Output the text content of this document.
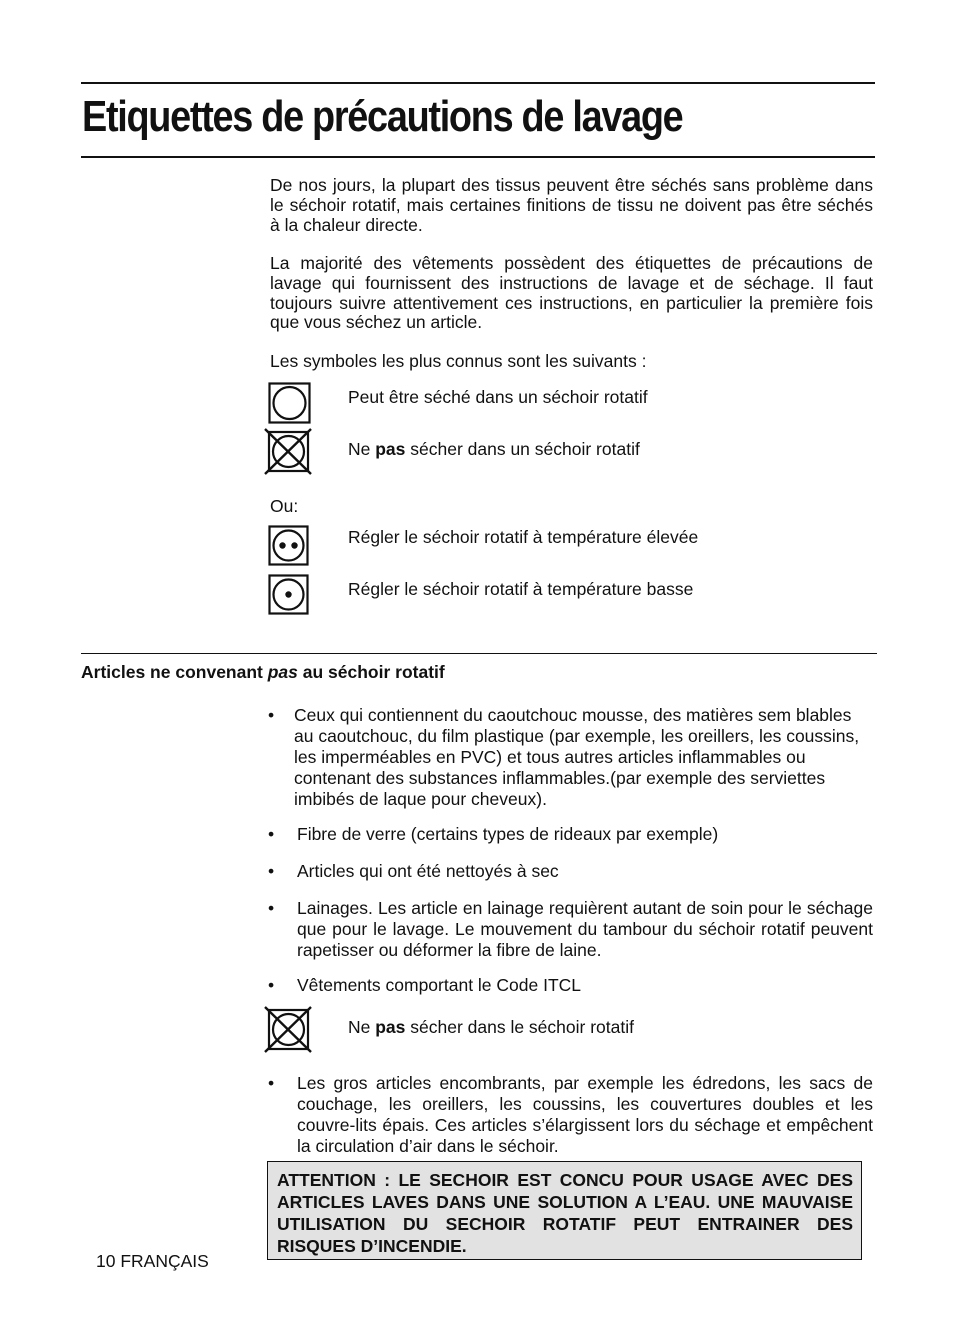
Etiquettes de précautions de lavage

De nos jours, la plupart des tissus peuvent être séchés sans problème dans le séchoir rotatif, mais certaines finitions de tissu ne doivent pas être séchés à la chaleur directe.

La majorité des vêtements possèdent des étiquettes de précautions de lavage qui fournissent des instructions de lavage et de séchage. Il faut toujours suivre attentivement ces instructions, en particulier la première fois que vous séchez un article.

Les symboles les plus connus sont les suivants :

Peut être séché dans un séchoir rotatif
Ne pas sécher dans un séchoir rotatif
Ou:
Régler le séchoir rotatif à température élevée
Régler le séchoir rotatif à température basse
Articles ne convenant pas au séchoir rotatif
• Ceux qui contiennent du caoutchouc mousse, des matières sem blables au caoutchouc, du film plastique (par exemple, les oreillers, les coussins, les imperméables en PVC) et tous autres articles inflammables ou contenant des substances inflammables.(par exemple des serviettes imbibés de laque pour cheveux).

• Fibre de verre (certains types de rideaux par exemple)

• Articles qui ont été nettoyés à sec

• Lainages. Les article en lainage requièrent autant de soin pour le séchage que pour le lavage. Le mouvement du tambour du séchoir rotatif peuvent rapetisser ou déformer la fibre de laine.

• Vêtements comportant le Code ITCL

Ne pas sécher dans le séchoir rotatif
• Les gros articles encombrants, par exemple les édredons, les sacs de couchage, les oreillers, les coussins, les couvertures doubles et les couvre-lits épais. Ces articles s’élargissent lors du séchage et empêchent la circulation d’air dans le séchoir.

ATTENTION : LE SECHOIR EST CONCU POUR USAGE AVEC DES ARTICLES LAVES DANS UNE SOLUTION A L’EAU. UNE MAUVAISE UTILISATION DU SECHOIR ROTATIF PEUT ENTRAINER DES RISQUES D’INCENDIE.
10 FRANÇAIS
